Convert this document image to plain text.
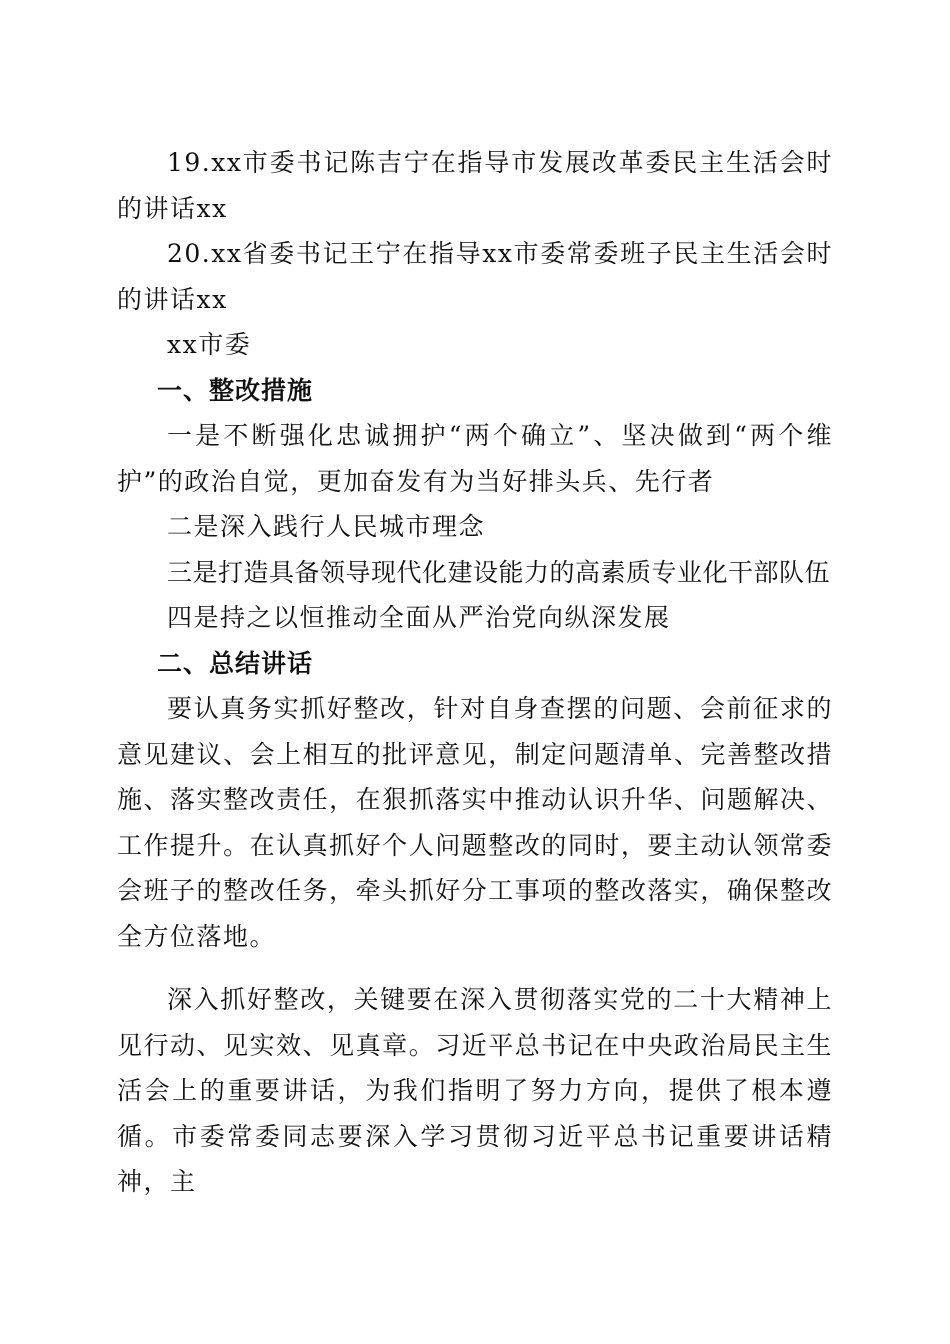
19.xx市委书记陈吉宁在指导市发展改革委民主生活会时的讲话xx

20.xx省委书记王宁在指导xx市委常委班子民主生活会时的讲话xx

xx市委

一、整改措施

一是不断强化忠诚拥护“两个确立”、坚决做到“两个维护”的政治自觉，更加奋发有为当好排头兵、先行者

二是深入践行人民城市理念

三是打造具备领导现代化建设能力的高素质专业化干部队伍

四是持之以恒推动全面从严治党向纵深发展

二、总结讲话

要认真务实抓好整改，针对自身查摆的问题、会前征求的意见建议、会上相互的批评意见，制定问题清单、完善整改措施、落实整改责任，在狠抓落实中推动认识升华、问题解决、工作提升。在认真抓好个人问题整改的同时，要主动认领常委会班子的整改任务，牵头抓好分工事项的整改落实，确保整改全方位落地。

深入抓好整改，关键要在深入贯彻落实党的二十大精神上见行动、见实效、见真章。习近平总书记在中央政治局民主生活会上的重要讲话，为我们指明了努力方向，提供了根本遵循。市委常委同志要深入学习贯彻习近平总书记重要讲话精神，主
